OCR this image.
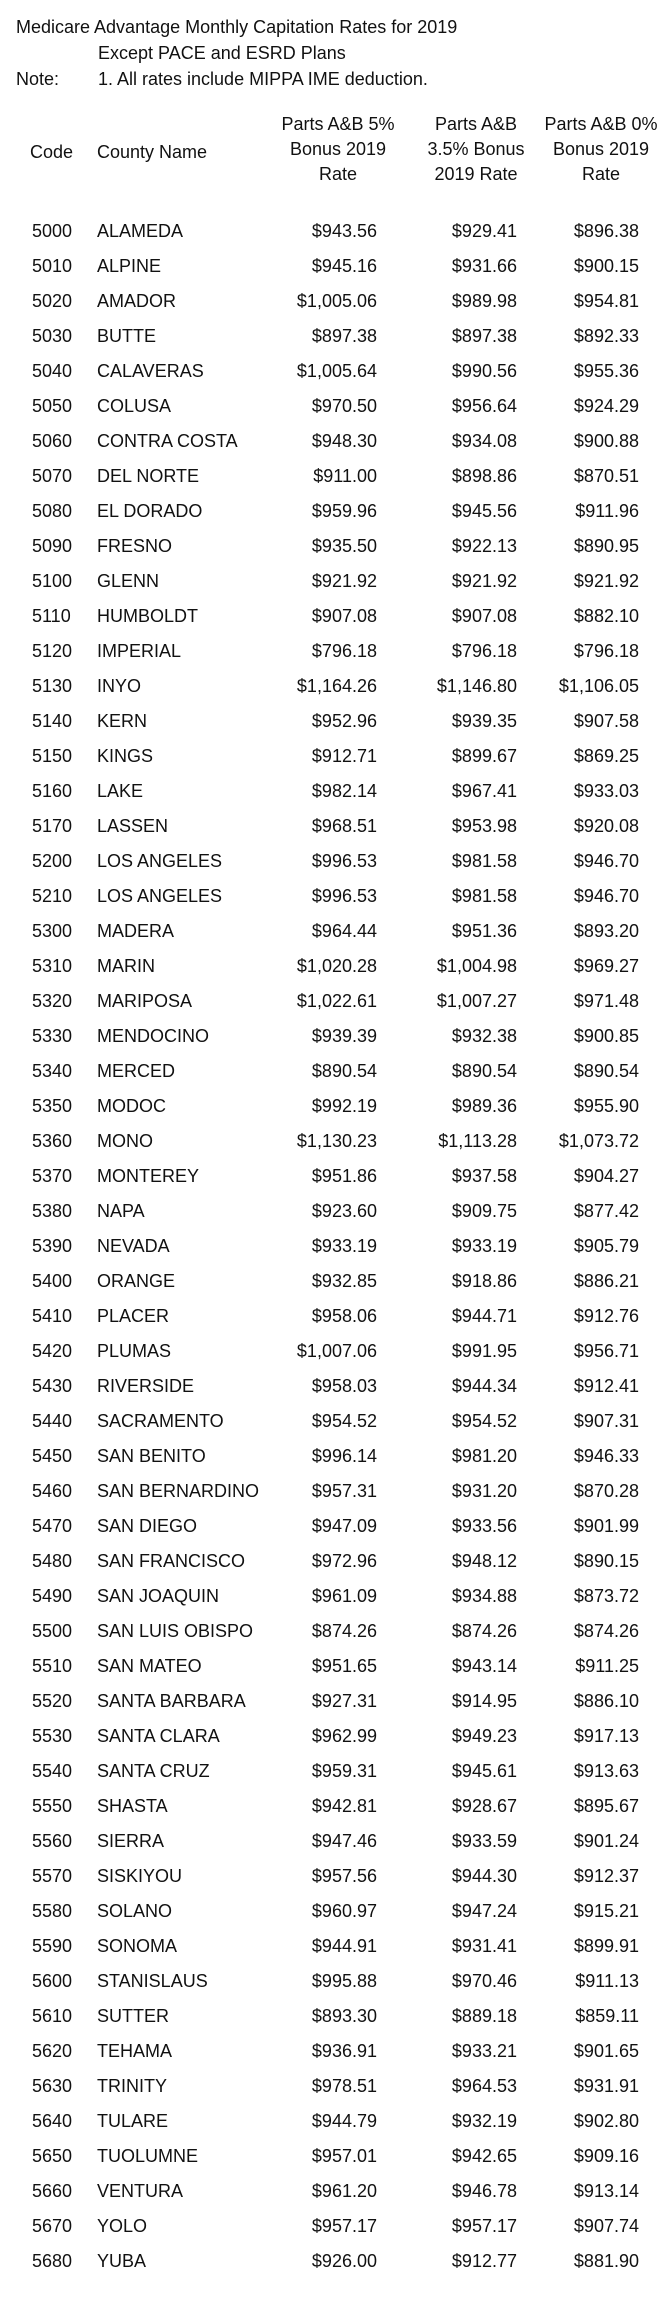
Medicare Advantage Monthly Capitation Rates for 2019
Except PACE and ESRD Plans
Note: 1. All rates include MIPPA IME deduction.
Code County Name
Parts A&B 5%
Bonus 2019
Rate
Parts A&B
3.5% Bonus
2019 Rate
Parts A&B 0%
Bonus 2019
Rate
5000 ALAMEDA	$943.56	$929.41	$896.38
5010 ALPINE	$945.16	$931.66	$900.15
5020 AMADOR	$1,005.06	$989.98	$954.81
5030 BUTTE	$897.38	$897.38	$892.33
5040 CALAVERAS	$1,005.64	$990.56	$955.36
5050 COLUSA	$970.50	$956.64	$924.29
5060 CONTRA COSTA	$948.30	$934.08	$900.88
5070 DEL NORTE	$911.00	$898.86	$870.51
5080 EL DORADO	$959.96	$945.56	$911.96
5090 FRESNO	$935.50	$922.13	$890.95
5100 GLENN	$921.92	$921.92	$921.92
5110 HUMBOLDT	$907.08	$907.08	$882.10
5120 IMPERIAL	$796.18	$796.18	$796.18
5130 INYO	$1,164.26	$1,146.80 $1,106.05
5140 KERN	$952.96	$939.35	$907.58
5150 KINGS	$912.71	$899.67	$869.25
5160 LAKE	$982.14	$967.41	$933.03
5170 LASSEN	$968.51	$953.98	$920.08
5200 LOS ANGELES	$996.53	$981.58	$946.70
5210 LOS ANGELES	$996.53	$981.58	$946.70
5300 MADERA	$964.44	$951.36	$893.20
5310 MARIN	$1,020.28	$1,004.98	$969.27
5320 MARIPOSA	$1,022.61	$1,007.27	$971.48
5330 MENDOCINO	$939.39	$932.38	$900.85
5340 MERCED	$890.54	$890.54	$890.54
5350 MODOC	$992.19	$989.36	$955.90
5360 MONO	$1,130.23	$1,113.28 $1,073.72
5370 MONTEREY	$951.86	$937.58	$904.27
5380 NAPA	$923.60	$909.75	$877.42
5390 NEVADA	$933.19	$933.19	$905.79
5400 ORANGE	$932.85	$918.86	$886.21
5410 PLACER	$958.06	$944.71	$912.76
5420 PLUMAS	$1,007.06	$991.95	$956.71
5430 RIVERSIDE	$958.03	$944.34	$912.41
5440 SACRAMENTO	$954.52	$954.52	$907.31
5450 SAN BENITO	$996.14	$981.20	$946.33
5460 SAN BERNARDINO	$957.31	$931.20	$870.28
5470 SAN DIEGO	$947.09	$933.56	$901.99
5480 SAN FRANCISCO	$972.96	$948.12	$890.15
5490 SAN JOAQUIN	$961.09	$934.88	$873.72
5500 SAN LUIS OBISPO	$874.26	$874.26	$874.26
5510 SAN MATEO	$951.65	$943.14	$911.25
5520 SANTA BARBARA	$927.31	$914.95	$886.10
5530 SANTA CLARA	$962.99	$949.23	$917.13
5540 SANTA CRUZ	$959.31	$945.61	$913.63
5550 SHASTA	$942.81	$928.67	$895.67
5560 SIERRA	$947.46	$933.59	$901.24
5570 SISKIYOU	$957.56	$944.30	$912.37
5580 SOLANO	$960.97	$947.24	$915.21
5590 SONOMA	$944.91	$931.41	$899.91
5600 STANISLAUS	$995.88	$970.46	$911.13
5610 SUTTER	$893.30	$889.18	$859.11
5620 TEHAMA	$936.91	$933.21	$901.65
5630 TRINITY	$978.51	$964.53	$931.91
5640 TULARE	$944.79	$932.19	$902.80
5650 TUOLUMNE	$957.01	$942.65	$909.16
5660 VENTURA	$961.20	$946.78	$913.14
5670 YOLO	$957.17	$957.17	$907.74
5680 YUBA	$926.00	$912.77	$881.90
